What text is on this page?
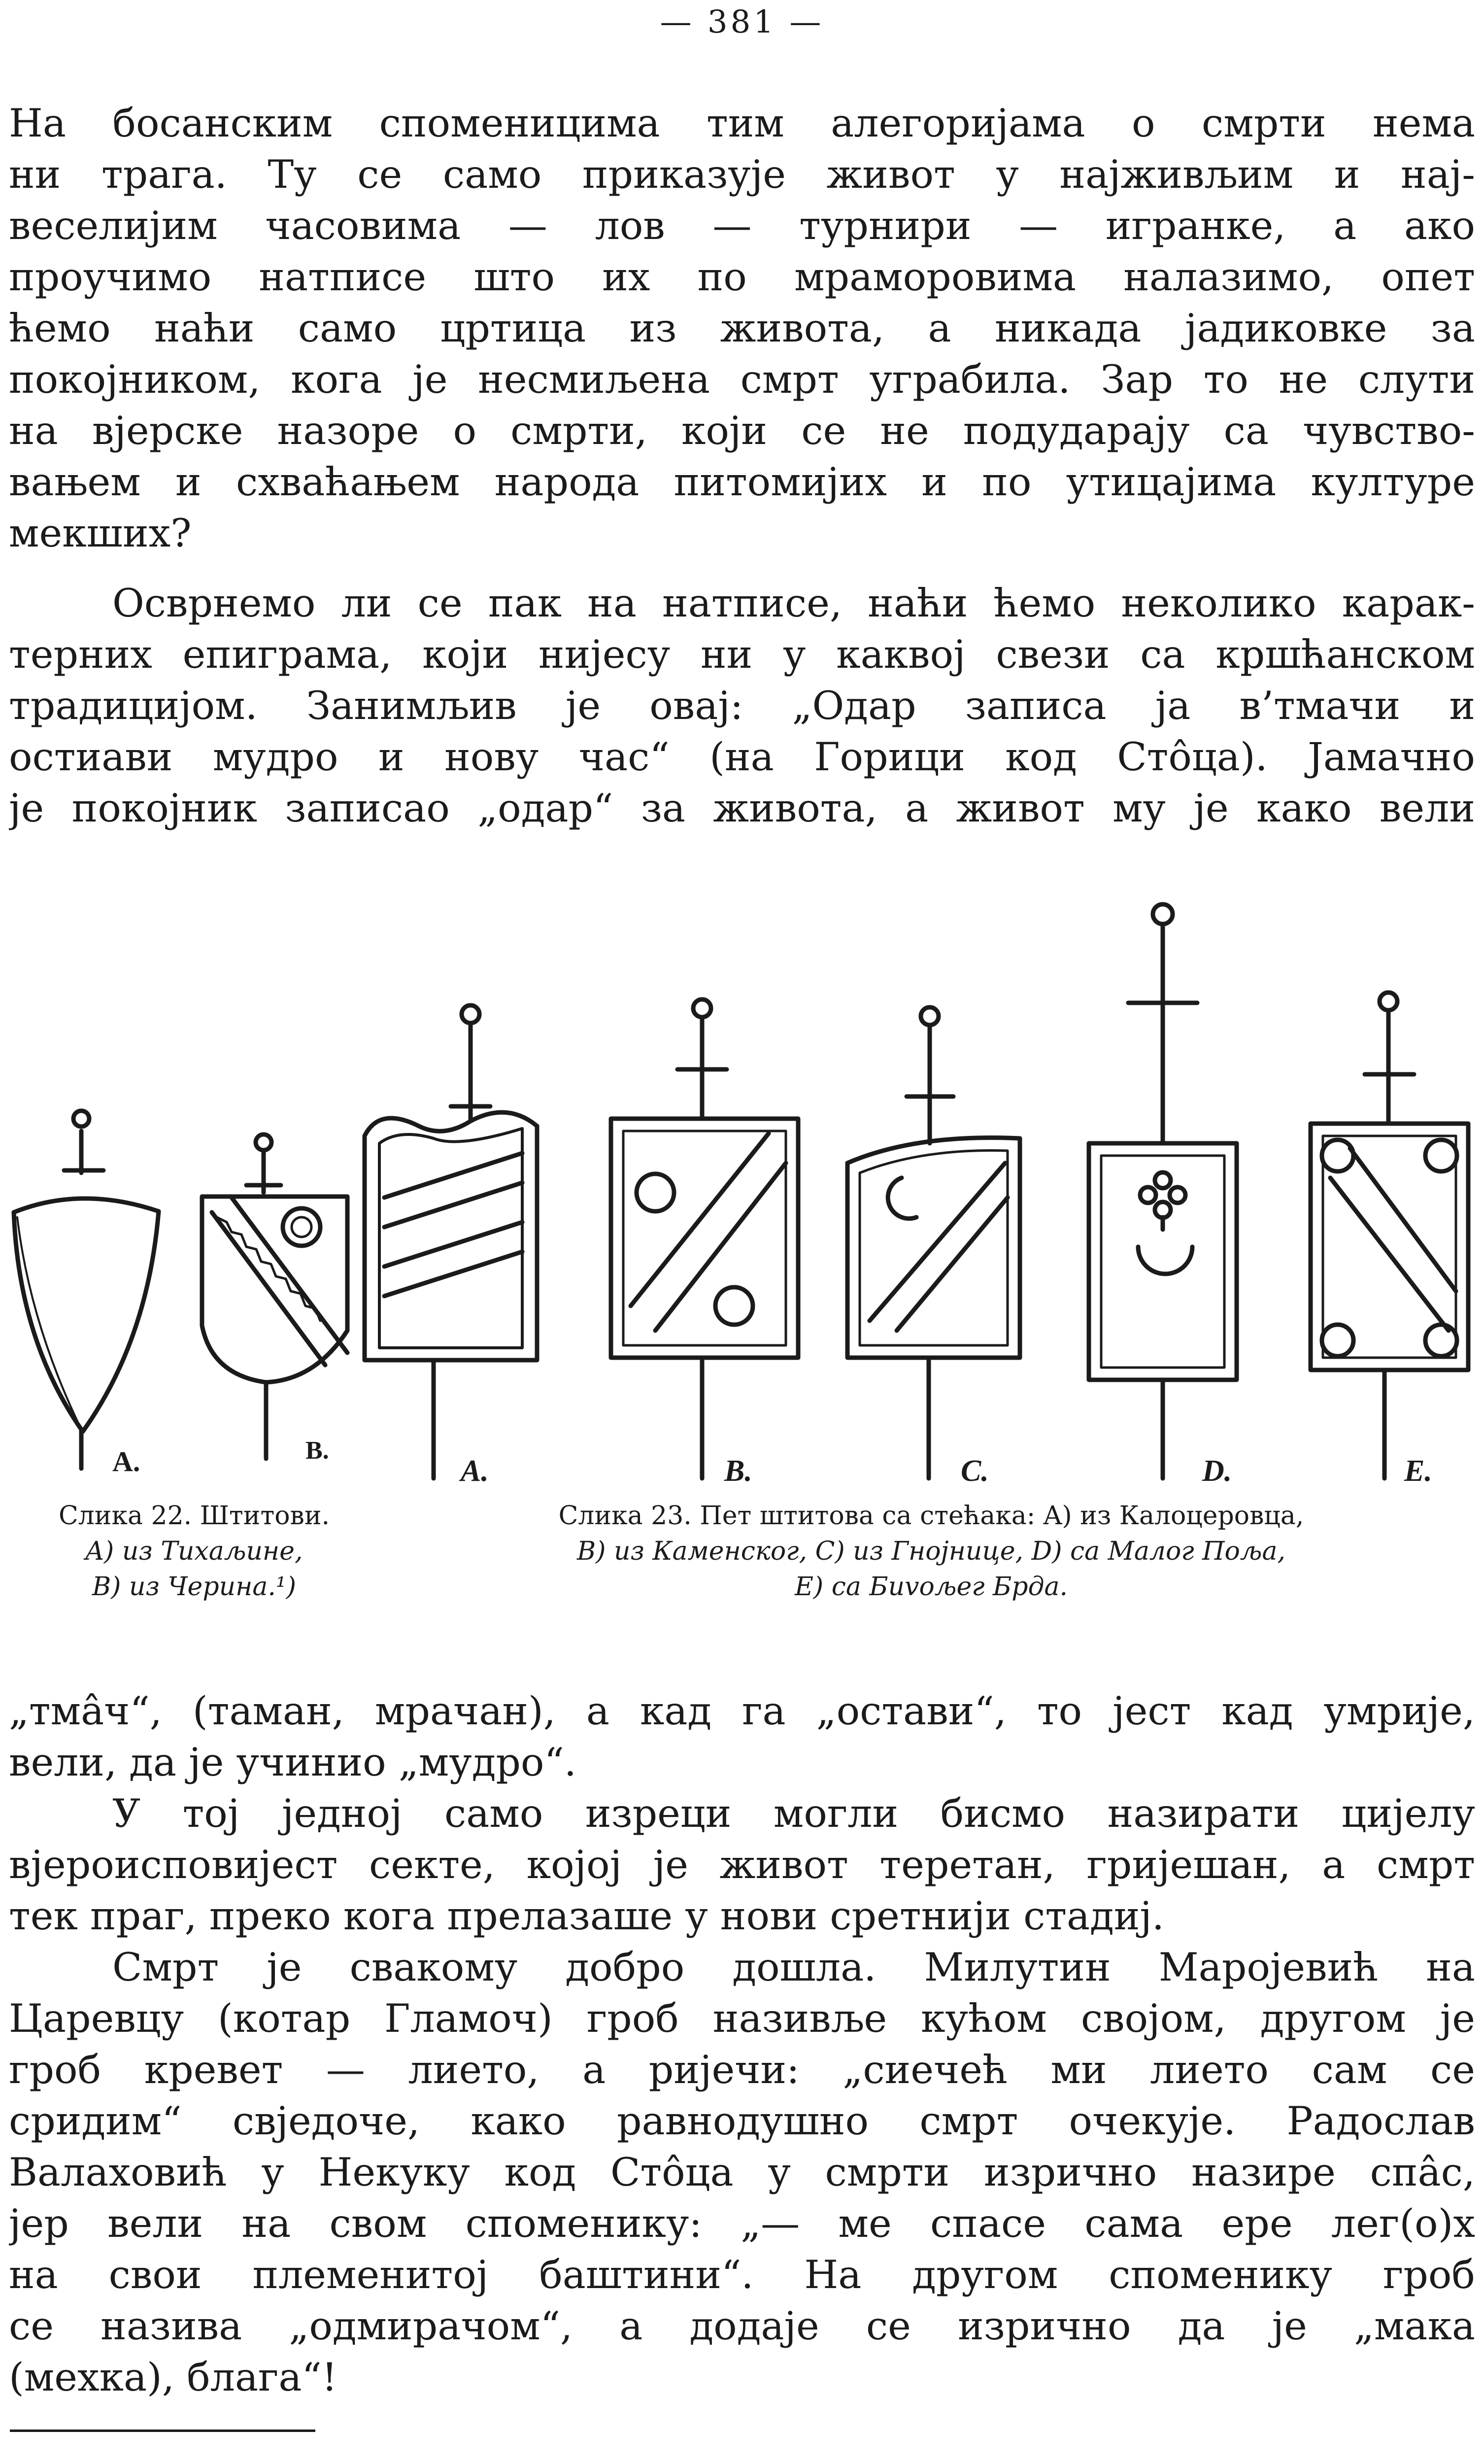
— 381 —
На босанским споменицима тим алегоријама о смрти нема
ни трага. Ту се само приказује живот у најживљим и нај-
веселијим часовима — лов — турнири — игранке, а ако
проучимо натписе што их по мраморовима налазимо, опет
ћемо наћи само цртица из живота, а никада јадиковке за
покојником, кога је несмиљена смрт уграбила. Зар то не слути
на вјерске назоре о смрти, који се не подударају са чувство-
вањем и схваћањем народа питомијих и по утицајима културе
мекших?
Осврнемо ли се пак на натписе, наћи ћемо неколико карак-
терних епиграма, који нијесу ни у каквој свези са кршћанском
традицијом. Занимљив је овај: „Одар записа ја в’тмачи и
остиави мудро и нову час“ (на Горици код Стôца). Јамачно
је покојник записао „одар“ за живота, а живот му је како вели
A.	B.
A.	B.	C.	D.	E.
Слика 22. Штитови.
A) из Тихаљине,
B) из Черина.¹)
Слика 23. Пет штитова са стећака: A) из Калоцеровца,
B) из Каменског, C) из Гнојнице, D) са Малог Поља,
E) са Биvољег Брда.
„тмâч“, (таман, мрачан), а кад га „остави“, то јест кад умрије,
вели, да је учинио „мудро“.
У тој једној само изреци могли бисмо назирати цијелу
вјероисповијест секте, којој је живот теретан, гријешан, а смрт
тек праг, преко кога прелазаше у нови сретнији стадиј.
Смрт је свакому добро дошла. Милутин Маројевић на
Царевцу (котар Гламоч) гроб називље кућом својом, другом је
гроб кревет — лиeто, а ријечи: „сиечећ ми лиeто сам се
сридим“ свједоче, како равнодушно смрт очекује. Радослав
Валаховић у Некуку код Стôца у смрти изрично назире спâс,
јер вели на свом споменику: „— ме спасе сама ере лег(о)х
на свои племенитој баштини“. На другом споменику гроб
се назива „одмирачом“, а додаје се изрично да је „мака
(мехка), блага“!
